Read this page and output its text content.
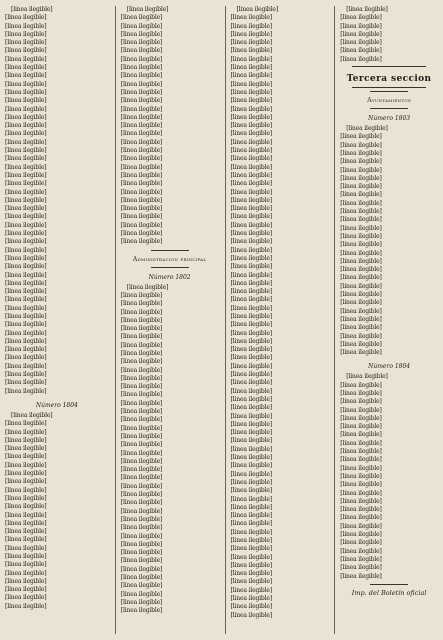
[línea ilegible]
[línea ilegible]
[línea ilegible]
[línea ilegible]
[línea ilegible]
[línea ilegible]
[línea ilegible]
[línea ilegible]
[línea ilegible]
[línea ilegible]
[línea ilegible]
[línea ilegible]
[línea ilegible]
[línea ilegible]
[línea ilegible]
[línea ilegible]
[línea ilegible]
[línea ilegible]
[línea ilegible]
[línea ilegible]
[línea ilegible]
[línea ilegible]
[línea ilegible]
[línea ilegible]
[línea ilegible]
[línea ilegible]
[línea ilegible]
[línea ilegible]
[línea ilegible]
[línea ilegible]
[línea ilegible]
[línea ilegible]
[línea ilegible]
[línea ilegible]
[línea ilegible]
[línea ilegible]
[línea ilegible]
[línea ilegible]
[línea ilegible]
[línea ilegible]
[línea ilegible]
[línea ilegible]
[línea ilegible]
[línea ilegible]
[línea ilegible]
[línea ilegible]
[línea ilegible]
Número 1804
[línea ilegible]
[línea ilegible]
[línea ilegible]
[línea ilegible]
[línea ilegible]
[línea ilegible]
[línea ilegible]
[línea ilegible]
[línea ilegible]
[línea ilegible]
[línea ilegible]
[línea ilegible]
[línea ilegible]
[línea ilegible]
[línea ilegible]
[línea ilegible]
[línea ilegible]
[línea ilegible]
[línea ilegible]
[línea ilegible]
[línea ilegible]
[línea ilegible]
[línea ilegible]
[línea ilegible]
[línea ilegible]
[línea ilegible]
[línea ilegible]
[línea ilegible]
[línea ilegible]
[línea ilegible]
[línea ilegible]
[línea ilegible]
[línea ilegible]
[línea ilegible]
[línea ilegible]
[línea ilegible]
[línea ilegible]
[línea ilegible]
[línea ilegible]
[línea ilegible]
[línea ilegible]
[línea ilegible]
[línea ilegible]
[línea ilegible]
[línea ilegible]
[línea ilegible]
[línea ilegible]
[línea ilegible]
[línea ilegible]
[línea ilegible]
[línea ilegible]
[línea ilegible]
[línea ilegible]
Administracion principal
Número 1802
[línea ilegible]
[línea ilegible]
[línea ilegible]
[línea ilegible]
[línea ilegible]
[línea ilegible]
[línea ilegible]
[línea ilegible]
[línea ilegible]
[línea ilegible]
[línea ilegible]
[línea ilegible]
[línea ilegible]
[línea ilegible]
[línea ilegible]
[línea ilegible]
[línea ilegible]
[línea ilegible]
[línea ilegible]
[línea ilegible]
[línea ilegible]
[línea ilegible]
[línea ilegible]
[línea ilegible]
[línea ilegible]
[línea ilegible]
[línea ilegible]
[línea ilegible]
[línea ilegible]
[línea ilegible]
[línea ilegible]
[línea ilegible]
[línea ilegible]
[línea ilegible]
[línea ilegible]
[línea ilegible]
[línea ilegible]
[línea ilegible]
[línea ilegible]
[línea ilegible]
[línea ilegible]
[línea ilegible]
[línea ilegible]
[línea ilegible]
[línea ilegible]
[línea ilegible]
[línea ilegible]
[línea ilegible]
[línea ilegible]
[línea ilegible]
[línea ilegible]
[línea ilegible]
[línea ilegible]
[línea ilegible]
[línea ilegible]
[línea ilegible]
[línea ilegible]
[línea ilegible]
[línea ilegible]
[línea ilegible]
[línea ilegible]
[línea ilegible]
[línea ilegible]
[línea ilegible]
[línea ilegible]
[línea ilegible]
[línea ilegible]
[línea ilegible]
[línea ilegible]
[línea ilegible]
[línea ilegible]
[línea ilegible]
[línea ilegible]
[línea ilegible]
[línea ilegible]
[línea ilegible]
[línea ilegible]
[línea ilegible]
[línea ilegible]
[línea ilegible]
[línea ilegible]
[línea ilegible]
[línea ilegible]
[línea ilegible]
[línea ilegible]
[línea ilegible]
[línea ilegible]
[línea ilegible]
[línea ilegible]
[línea ilegible]
[línea ilegible]
[línea ilegible]
[línea ilegible]
[línea ilegible]
[línea ilegible]
[línea ilegible]
[línea ilegible]
[línea ilegible]
[línea ilegible]
[línea ilegible]
[línea ilegible]
[línea ilegible]
[línea ilegible]
[línea ilegible]
[línea ilegible]
[línea ilegible]
[línea ilegible]
[línea ilegible]
[línea ilegible]
[línea ilegible]
[línea ilegible]
[línea ilegible]
[línea ilegible]
[línea ilegible]
[línea ilegible]
[línea ilegible]
[línea ilegible]
[línea ilegible]
[línea ilegible]
[línea ilegible]
[línea ilegible]
Tercera seccion
Ayuntamientos
Número 1803
[línea ilegible]
[línea ilegible]
[línea ilegible]
[línea ilegible]
[línea ilegible]
[línea ilegible]
[línea ilegible]
[línea ilegible]
[línea ilegible]
[línea ilegible]
[línea ilegible]
[línea ilegible]
[línea ilegible]
[línea ilegible]
[línea ilegible]
[línea ilegible]
[línea ilegible]
[línea ilegible]
[línea ilegible]
[línea ilegible]
[línea ilegible]
[línea ilegible]
[línea ilegible]
[línea ilegible]
[línea ilegible]
[línea ilegible]
[línea ilegible]
[línea ilegible]
Número 1804
[línea ilegible]
[línea ilegible]
[línea ilegible]
[línea ilegible]
[línea ilegible]
[línea ilegible]
[línea ilegible]
[línea ilegible]
[línea ilegible]
[línea ilegible]
[línea ilegible]
[línea ilegible]
[línea ilegible]
[línea ilegible]
[línea ilegible]
[línea ilegible]
[línea ilegible]
[línea ilegible]
[línea ilegible]
[línea ilegible]
[línea ilegible]
[línea ilegible]
[línea ilegible]
[línea ilegible]
[línea ilegible]
Imp. del Boletín oficial
